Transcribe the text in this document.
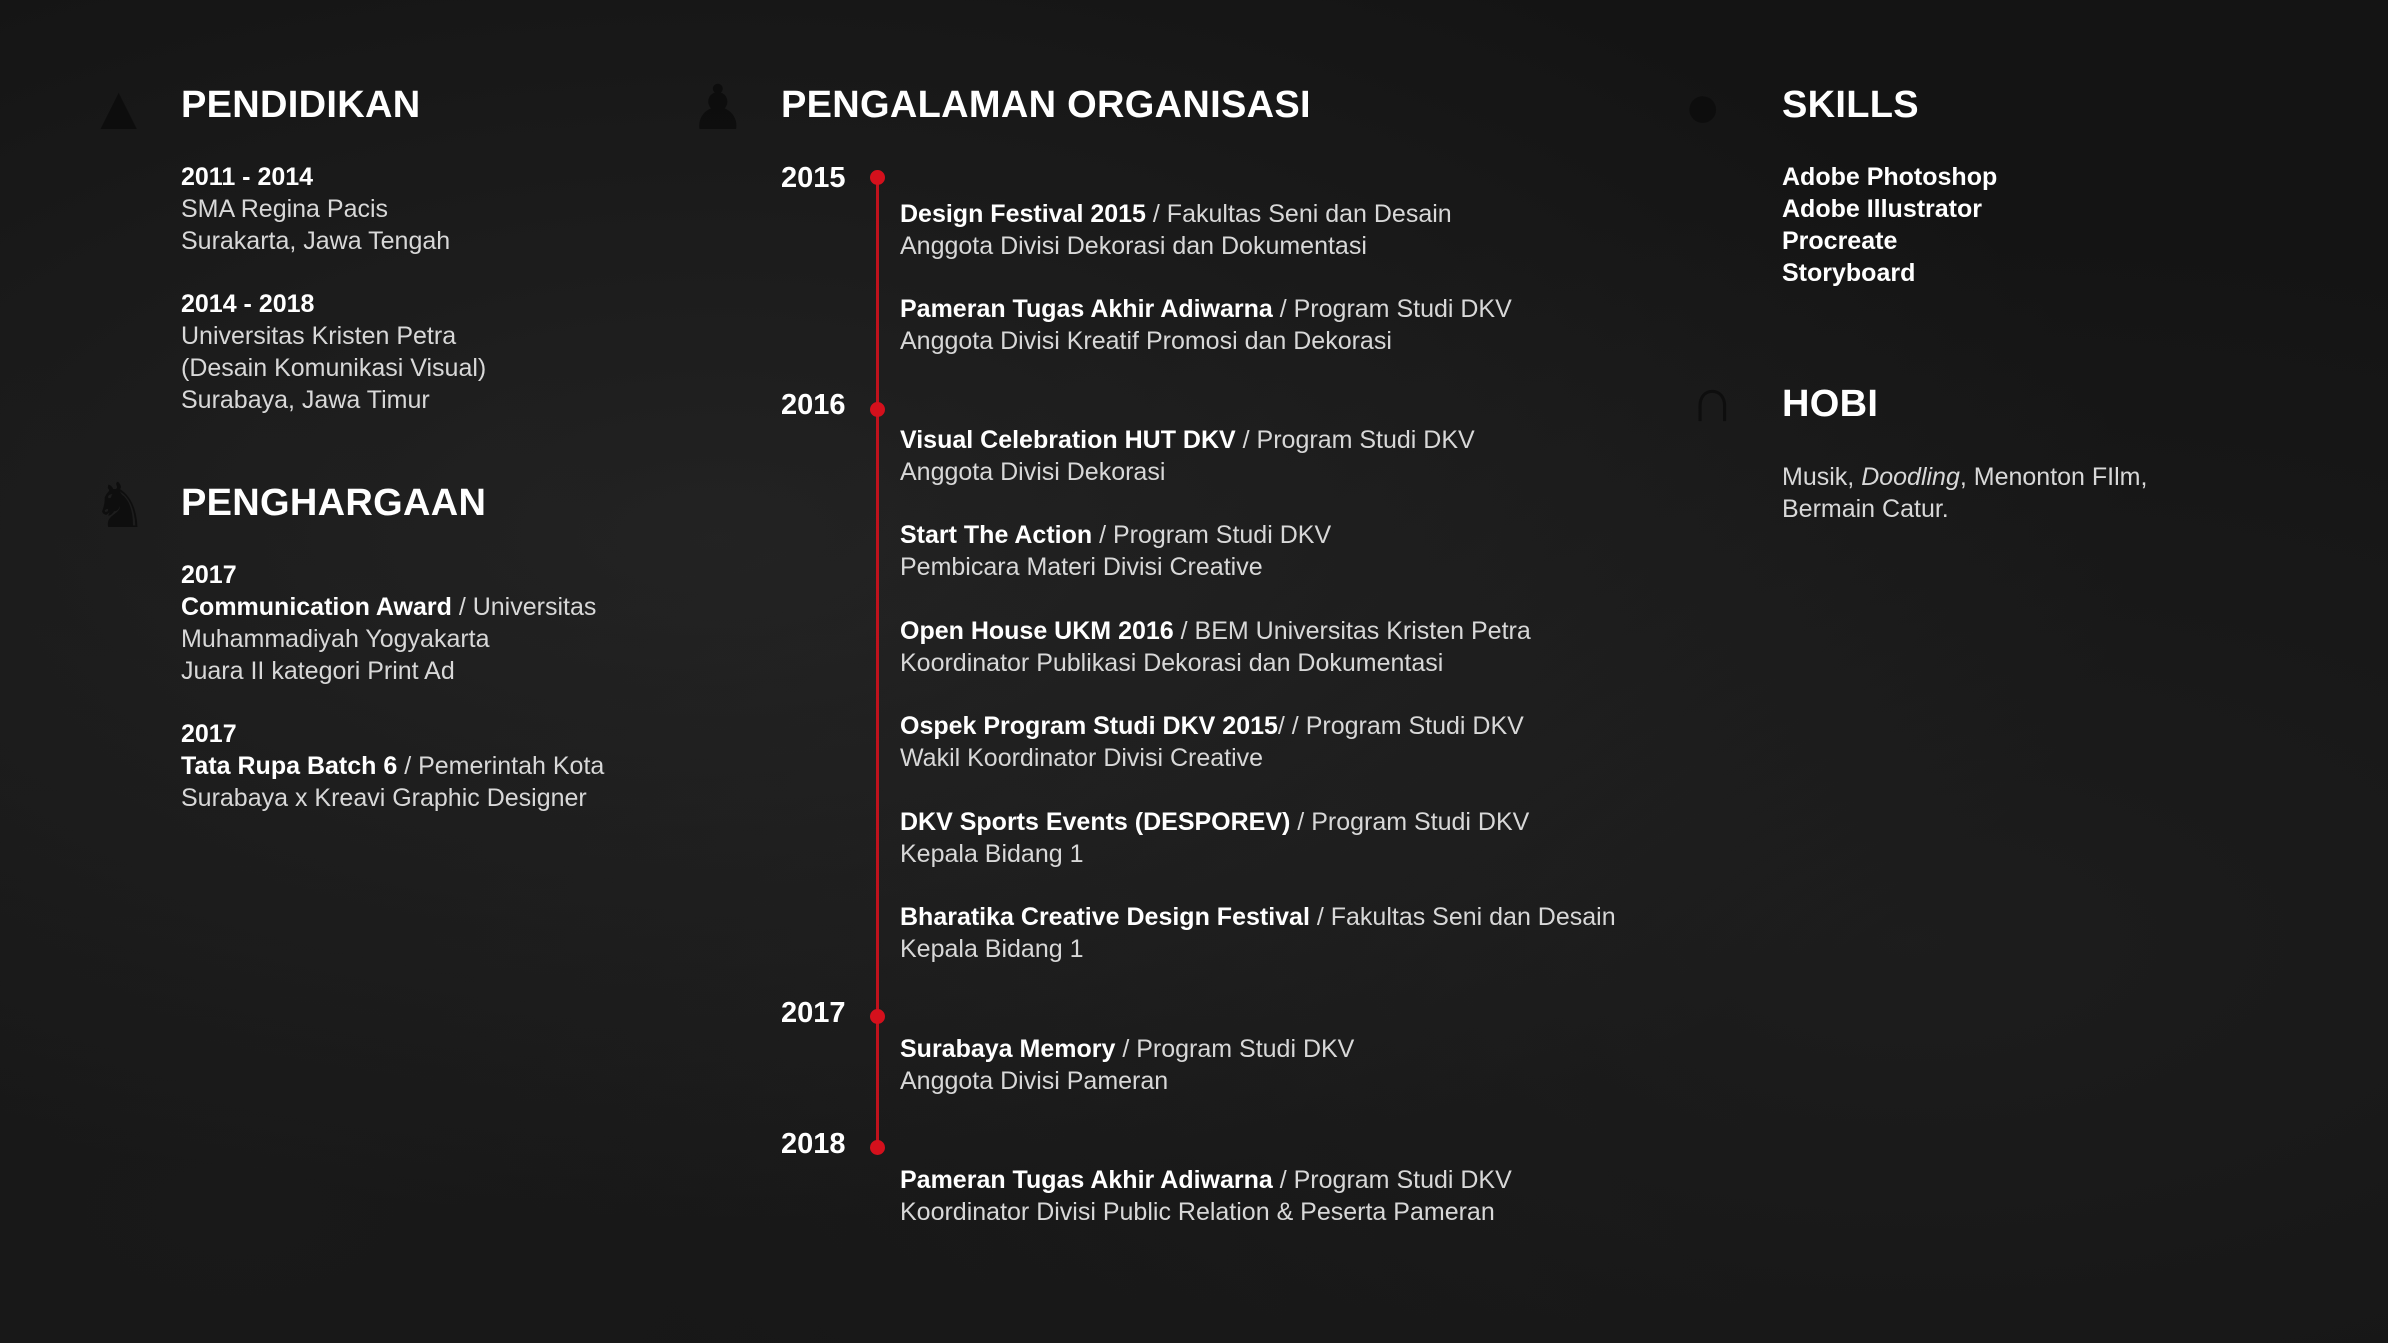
▲
♞
♟	●
∩
PENDIDIKAN
2011 - 2014
SMA Regina Pacis
Surakarta, Jawa Tengah
2014 - 2018
Universitas Kristen Petra
(Desain Komunikasi Visual)
Surabaya, Jawa Timur
PENGHARGAAN
2017
Communication Award / Universitas
Muhammadiyah Yogyakarta
Juara II kategori Print Ad
2017
Tata Rupa Batch 6 / Pemerintah Kota
Surabaya x Kreavi Graphic Designer
PENGALAMAN ORGANISASI
2015
2016
2017
2018
Design Festival 2015 / Fakultas Seni dan Desain
Anggota Divisi Dekorasi dan Dokumentasi
Pameran Tugas Akhir Adiwarna / Program Studi DKV
Anggota Divisi Kreatif Promosi dan Dekorasi
Visual Celebration HUT DKV / Program Studi DKV
Anggota Divisi Dekorasi
Start The Action / Program Studi DKV
Pembicara Materi Divisi Creative
Open House UKM 2016 / BEM Universitas Kristen Petra
Koordinator Publikasi Dekorasi dan Dokumentasi
Ospek Program Studi DKV 2015/ / Program Studi DKV
Wakil Koordinator Divisi Creative
DKV Sports Events (DESPOREV) / Program Studi DKV
Kepala Bidang 1
Bharatika Creative Design Festival / Fakultas Seni dan Desain
Kepala Bidang 1
Surabaya Memory / Program Studi DKV
Anggota Divisi Pameran
Pameran Tugas Akhir Adiwarna / Program Studi DKV
Koordinator Divisi Public Relation & Peserta Pameran
SKILLS
Adobe Photoshop
Adobe Illustrator
Procreate
Storyboard
HOBI
Musik, Doodling, Menonton FIlm,
Bermain Catur.
